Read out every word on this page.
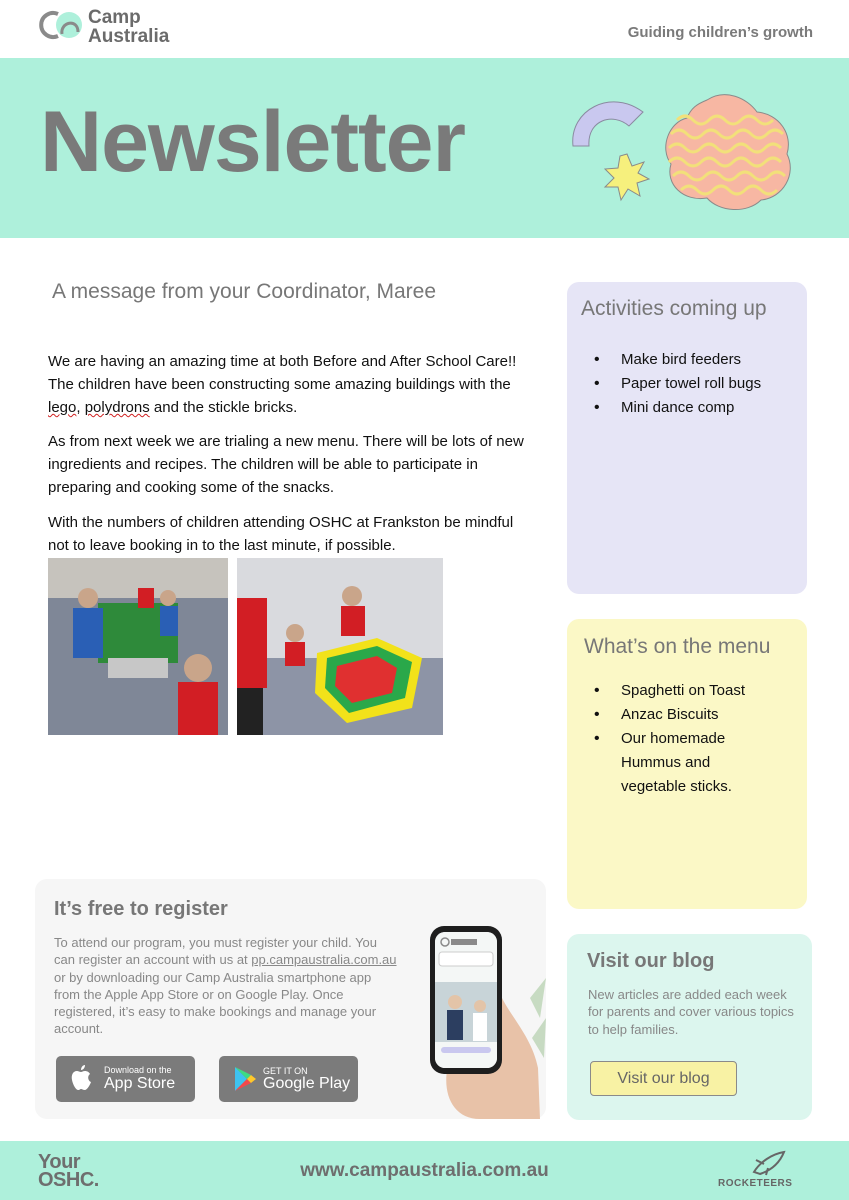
Camp
Australia	Guiding children’s growth
Newsletter
A message from your Coordinator, Maree
We are having an amazing time at both Before and After School Care!! The children have been constructing some amazing buildings with the lego, polydrons and the stickle bricks.
As from next week we are trialing a new menu. There will be lots of new ingredients and recipes. The children will be able to participate in preparing and cooking some of the snacks.
With the numbers of children attending OSHC at Frankston be mindful not to leave booking in to the last minute, if possible.
Activities coming up
• Make bird feeders
• Paper towel roll bugs
• Mini dance comp
What’s on the menu
• Spaghetti on Toast
• Anzac Biscuits
• Our homemade Hummus and vegetable sticks.
It’s free to register
To attend our program, you must register your child. You can register an account with us at pp.campaustralia.com.au or by downloading our Camp Australia smartphone app from the Apple App Store or on Google Play. Once registered, it’s easy to make bookings and manage your account.
Download on the
App Store
GET IT ON
Google Play
Visit our blog
New articles are added each week for parents and cover various topics to help families.
Visit our blog
Your
OSHC.	www.campaustralia.com.au
ROCKETEERS
